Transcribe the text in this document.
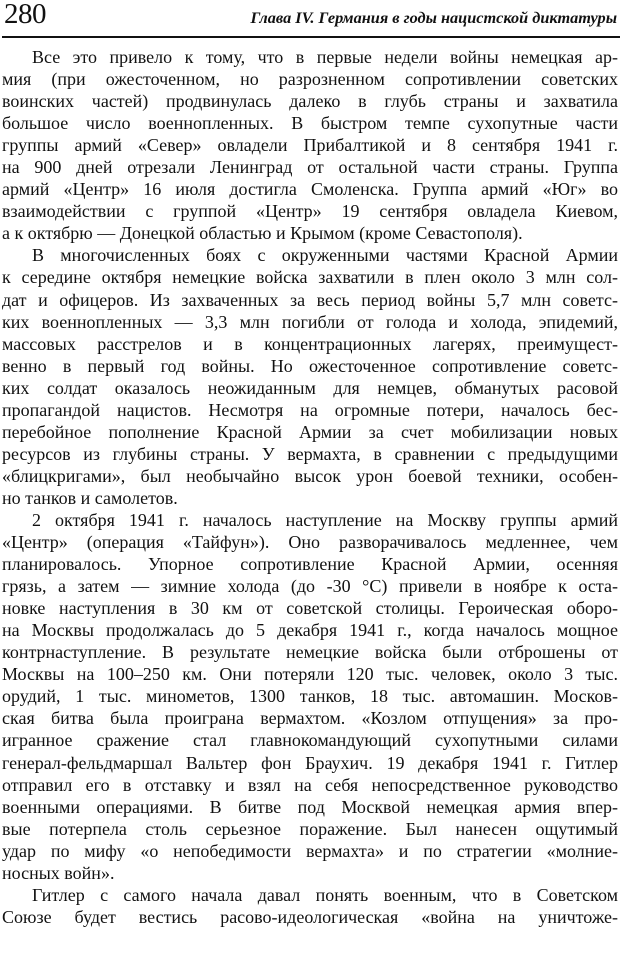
280	Глава IV. Германия в годы нацистской диктатуры
Все это привело к тому, что в первые недели войны немецкая ар-
мия (при ожесточенном, но разрозненном сопротивлении советских
воинских частей) продвинулась далеко в глубь страны и захватила
большое число военнопленных. В быстром темпе сухопутные части
группы армий «Север» овладели Прибалтикой и 8 сентября 1941 г.
на 900 дней отрезали Ленинград от остальной части страны. Группа
армий «Центр» 16 июля достигла Смоленска. Группа армий «Юг» во
взаимодействии с группой «Центр» 19 сентября овладела Киевом,
а к октябрю — Донецкой областью и Крымом (кроме Севастополя).
В многочисленных боях с окруженными частями Красной Армии
к середине октября немецкие войска захватили в плен около 3 млн сол-
дат и офицеров. Из захваченных за весь период войны 5,7 млн советс-
ких военнопленных — 3,3 млн погибли от голода и холода, эпидемий,
массовых расстрелов и в концентрационных лагерях, преимущест-
венно в первый год войны. Но ожесточенное сопротивление советс-
ких солдат оказалось неожиданным для немцев, обманутых расовой
пропагандой нацистов. Несмотря на огромные потери, началось бес-
перебойное пополнение Красной Армии за счет мобилизации новых
ресурсов из глубины страны. У вермахта, в сравнении с предыдущими
«блицкригами», был необычайно высок урон боевой техники, особен-
но танков и самолетов.
2 октября 1941 г. началось наступление на Москву группы армий
«Центр» (операция «Тайфун»). Оно разворачивалось медленнее, чем
планировалось. Упорное сопротивление Красной Армии, осенняя
грязь, а затем — зимние холода (до -30 °С) привели в ноябре к оста-
новке наступления в 30 км от советской столицы. Героическая оборо-
на Москвы продолжалась до 5 декабря 1941 г., когда началось мощное
контрнаступление. В результате немецкие войска были отброшены от
Москвы на 100–250 км. Они потеряли 120 тыс. человек, около 3 тыс.
орудий, 1 тыс. минометов, 1300 танков, 18 тыс. автомашин. Москов-
ская битва была проиграна вермахтом. «Козлом отпущения» за про-
игранное сражение стал главнокомандующий сухопутными силами
генерал-фельдмаршал Вальтер фон Браухич. 19 декабря 1941 г. Гитлер
отправил его в отставку и взял на себя непосредственное руководство
военными операциями. В битве под Москвой немецкая армия впер-
вые потерпела столь серьезное поражение. Был нанесен ощутимый
удар по мифу «о непобедимости вермахта» и по стратегии «молние-
носных войн».
Гитлер с самого начала давал понять военным, что в Советском
Союзе будет вестись расово-идеологическая «война на уничтоже-
